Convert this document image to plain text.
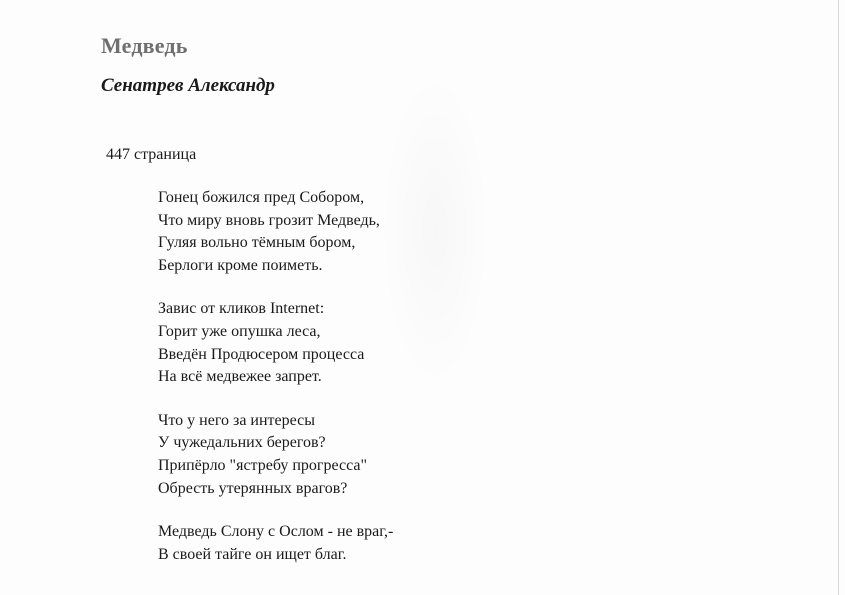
Медведь
Сенатрев Александр
447 страница
Гонец божился пред Собором,
Что миру вновь грозит Медведь,
Гуляя вольно тёмным бором,
Берлоги кроме поиметь.
Завис от кликов Internet:
Горит уже опушка леса,
Введён Продюсером процесса
На всё медвежее запрет.
Что у него за интересы
У чужедальних берегов?
Припёрло "ястребу прогресса"
Обресть утерянных врагов?
Медведь Слону с Ослом - не враг,-
В своей тайге он ищет благ.
